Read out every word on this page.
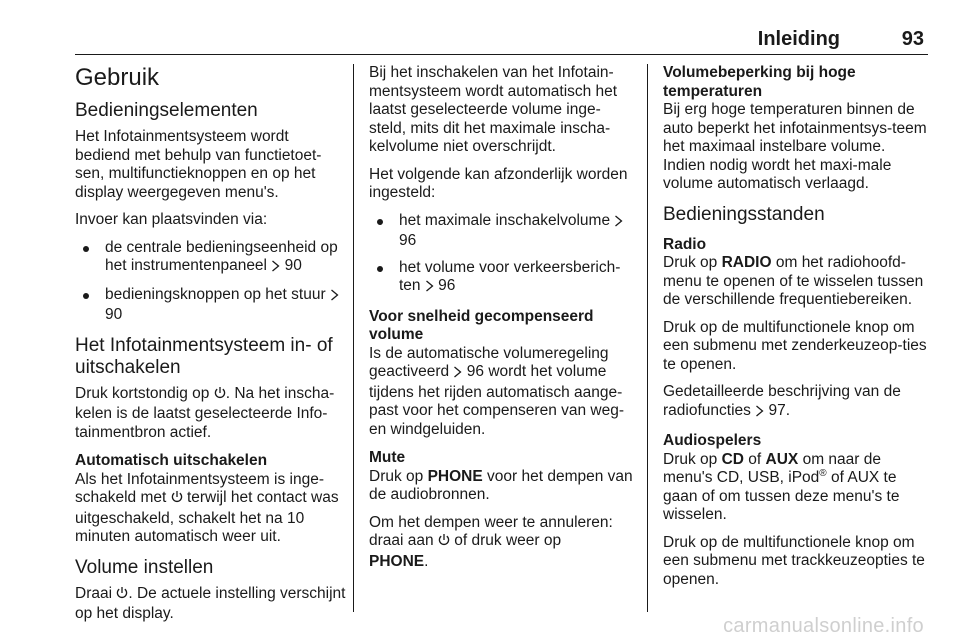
Inleiding	93
Gebruik
Bedieningselementen

Het Infotainmentsysteem wordt bediend met behulp van functietoet-sen, multifunctieknoppen en op het display weergegeven menu's.

Invoer kan plaatsvinden via:

de centrale bedieningseenheid op het instrumentenpaneel  90
bedieningsknoppen op het stuur  90
Het Infotainmentsysteem in- of uitschakelen

Druk kortstondig op . Na het inscha-kelen is de laatst geselecteerde Info-tainmentbron actief.

Automatisch uitschakelen

Als het Infotainmentsysteem is inge-schakeld met  terwijl het contact was uitgeschakeld, schakelt het na 10 minuten automatisch weer uit.

Volume instellen

Draai . De actuele instelling verschijnt op het display.

Bij het inschakelen van het Infotain-mentsysteem wordt automatisch het laatst geselecteerde volume inge-steld, mits dit het maximale inscha-kelvolume niet overschrijdt.

Het volgende kan afzonderlijk worden ingesteld:

het maximale inschakelvolume  96
het volume voor verkeersberich-ten  96
Voor snelheid gecompenseerd volume

Is de automatische volumeregeling geactiveerd  96 wordt het volume tijdens het rijden automatisch aange-past voor het compenseren van weg-en windgeluiden.

Mute

Druk op PHONE voor het dempen van de audiobronnen.

Om het dempen weer te annuleren: draai aan  of druk weer op
PHONE.

Volumebeperking bij hoge temperaturen

Bij erg hoge temperaturen binnen de auto beperkt het infotainmentsys-teem het maximaal instelbare volume. Indien nodig wordt het maxi-male volume automatisch verlaagd.

Bedieningsstanden
Radio

Druk op RADIO om het radiohoofd-menu te openen of te wisselen tussen de verschillende frequentiebereiken.

Druk op de multifunctionele knop om een submenu met zenderkeuzeop-ties te openen.

Gedetailleerde beschrijving van de radiofuncties  97.

Audiospelers

Druk op CD of AUX om naar de menu's CD, USB, iPod® of AUX te gaan of om tussen deze menu's te wisselen.

Druk op de multifunctionele knop om een submenu met trackkeuzeopties te openen.

carmanualsonline.info
